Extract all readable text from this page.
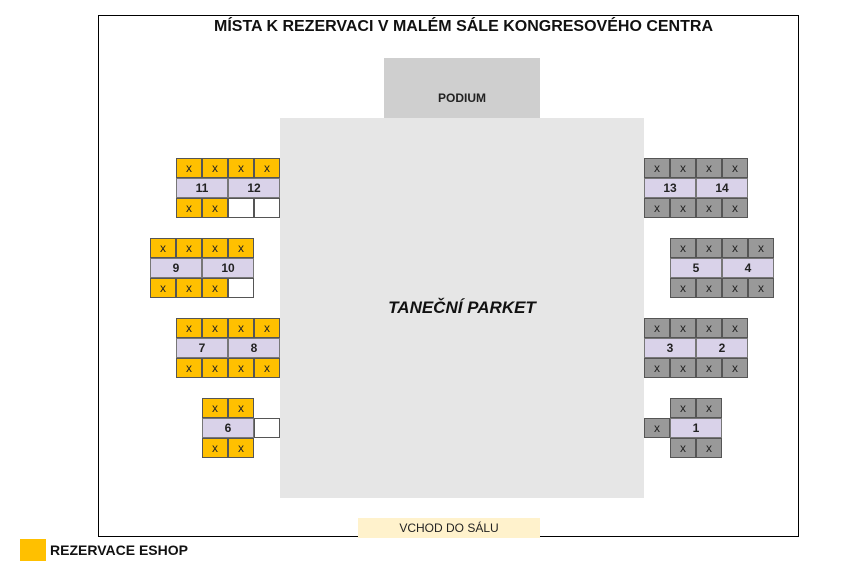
MÍSTA K REZERVACI V MALÉM SÁLE KONGRESOVÉHO CENTRA
PODIUM
TANEČNÍ PARKET
VCHOD DO SÁLU
x	x	x	x
11	12
x	x
x	x	x	x
9	10
x	x	x
x	x	x	x
7	8
x	x	x	x
x	x
6
x	x
x	x	x	x
13	14
x	x	x	x
x	x	x	x
5	4
x	x	x	x
x	x	x	x
3	2
x	x	x	x
x	x
x	1
x	x
REZERVACE ESHOP
